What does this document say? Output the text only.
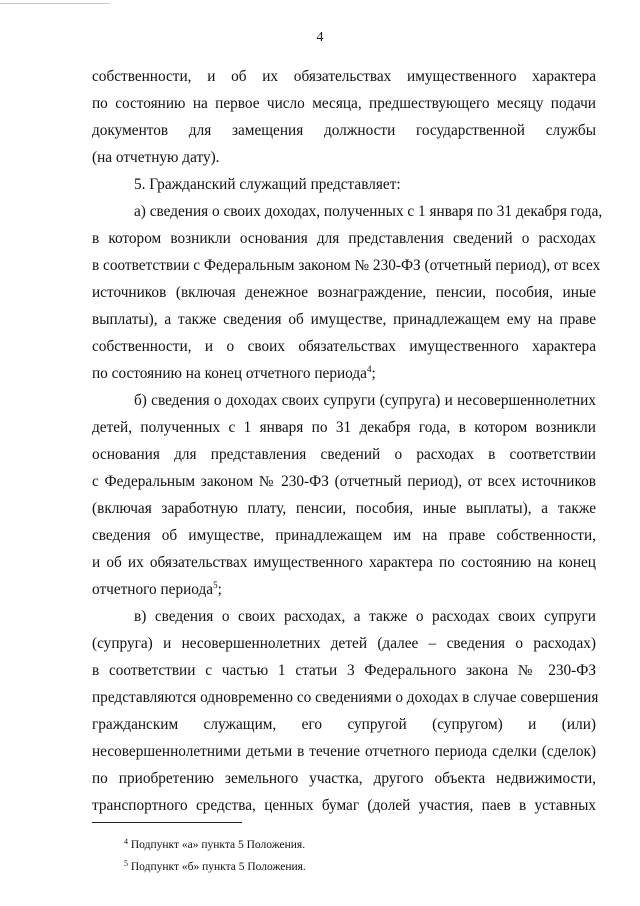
4
собственности, и об их обязательствах имущественного характера
по состоянию на первое число месяца, предшествующего месяцу подачи
документов для замещения должности государственной службы
(на отчетную дату).
5. Гражданский служащий представляет:
а) сведения о своих доходах, полученных с 1 января по 31 декабря года,
в котором возникли основания для представления сведений о расходах
в соответствии с Федеральным законом № 230-ФЗ (отчетный период), от всех
источников (включая денежное вознаграждение, пенсии, пособия, иные
выплаты), а также сведения об имуществе, принадлежащем ему на праве
собственности, и о своих обязательствах имущественного характера
по состоянию на конец отчетного периода$^4$;
б) сведения о доходах своих супруги (супруга) и несовершеннолетних
детей, полученных с 1 января по 31 декабря года, в котором возникли
основания для представления сведений о расходах в соответствии
с Федеральным законом № 230-ФЗ (отчетный период), от всех источников
(включая заработную плату, пенсии, пособия, иные выплаты), а также
сведения об имуществе, принадлежащем им на праве собственности,
и об их обязательствах имущественного характера по состоянию на конец
отчетного периода$^5$;
в) сведения о своих расходах, а также о расходах своих супруги
(супруга) и несовершеннолетних детей (далее – сведения о расходах)
в соответствии с частью 1 статьи 3 Федерального закона № 230-ФЗ
представляются одновременно со сведениями о доходах в случае совершения
гражданским служащим, его супругой (супругом) и (или)
несовершеннолетними детьми в течение отчетного периода сделки (сделок)
по приобретению земельного участка, другого объекта недвижимости,
транспортного средства, ценных бумаг (долей участия, паев в уставных
$^4$ Подпункт «а» пункта 5 Положения.
$^5$ Подпункт «б» пункта 5 Положения.
